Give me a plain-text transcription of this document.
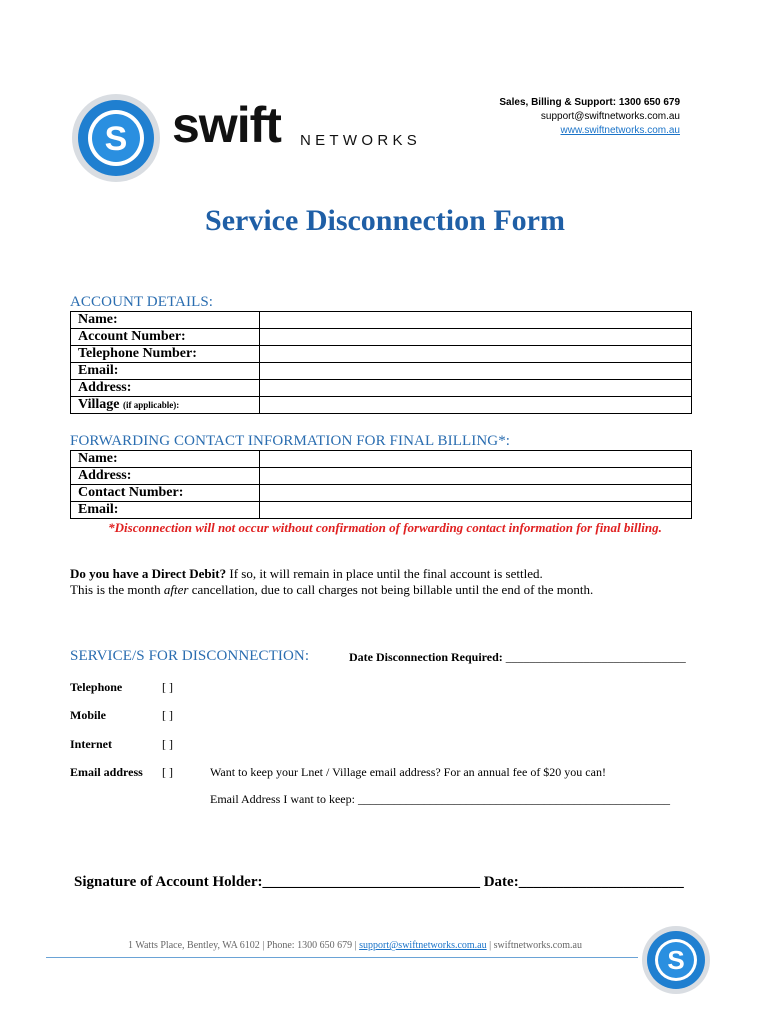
S swift NETWORKS
Sales, Billing & Support: 1300 650 679
support@swiftnetworks.com.au
www.swiftnetworks.com.au
Service Disconnection Form
ACCOUNT DETAILS:
Name:	
Account Number:	
Telephone Number:	
Email:	
Address:	
Village (if applicable):	
FORWARDING CONTACT INFORMATION FOR FINAL BILLING*:
Name:	
Address:	
Contact Number:	
Email:	
*Disconnection will not occur without confirmation of forwarding contact information for final billing.
Do you have a Direct Debit? If so, it will remain in place until the final account is settled.
This is the month after cancellation, due to call charges not being billable until the end of the month.
SERVICE/S FOR DISCONNECTION:	Date Disconnection Required: ______________________________
Telephone	[ ]
Mobile	[ ]
Internet	[ ]
Email address [ ]	Want to keep your Lnet / Village email address? For an annual fee of $20 you can!
Email Address I want to keep: ____________________________________________________
Signature of Account Holder:_____________________________ Date:______________________
1 Watts Place, Bentley, WA 6102 | Phone: 1300 650 679 | support@swiftnetworks.com.au | swiftnetworks.com.au	S
